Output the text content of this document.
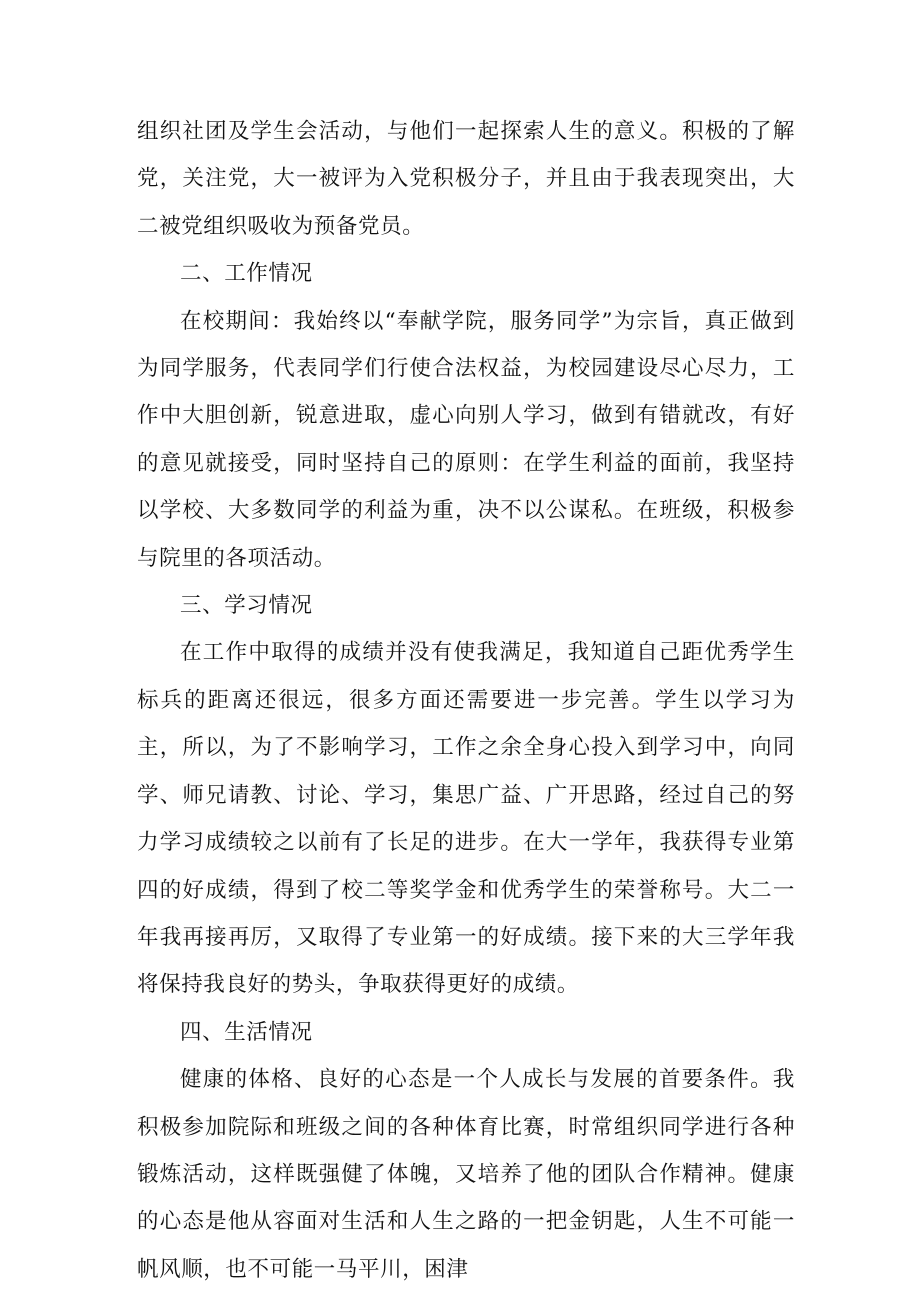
组织社团及学生会活动，与他们一起探索人生的意义。积极的了解党，关注党，大一被评为入党积极分子，并且由于我表现突出，大二被党组织吸收为预备党员。

二、工作情况

在校期间：我始终以“奉献学院，服务同学”为宗旨，真正做到为同学服务，代表同学们行使合法权益，为校园建设尽心尽力，工作中大胆创新，锐意进取，虚心向别人学习，做到有错就改，有好的意见就接受，同时坚持自己的原则：在学生利益的面前，我坚持以学校、大多数同学的利益为重，决不以公谋私。在班级，积极参与院里的各项活动。

三、学习情况

在工作中取得的成绩并没有使我满足，我知道自己距优秀学生标兵的距离还很远，很多方面还需要进一步完善。学生以学习为主，所以，为了不影响学习，工作之余全身心投入到学习中，向同学、师兄请教、讨论、学习，集思广益、广开思路，经过自己的努力学习成绩较之以前有了长足的进步。在大一学年，我获得专业第四的好成绩，得到了校二等奖学金和优秀学生的荣誉称号。大二一年我再接再厉，又取得了专业第一的好成绩。接下来的大三学年我将保持我良好的势头，争取获得更好的成绩。

四、生活情况

健康的体格、良好的心态是一个人成长与发展的首要条件。我积极参加院际和班级之间的各种体育比赛，时常组织同学进行各种锻炼活动，这样既强健了体魄，又培养了他的团队合作精神。健康的心态是他从容面对生活和人生之路的一把金钥匙，人生不可能一帆风顺，也不可能一马平川，困津
